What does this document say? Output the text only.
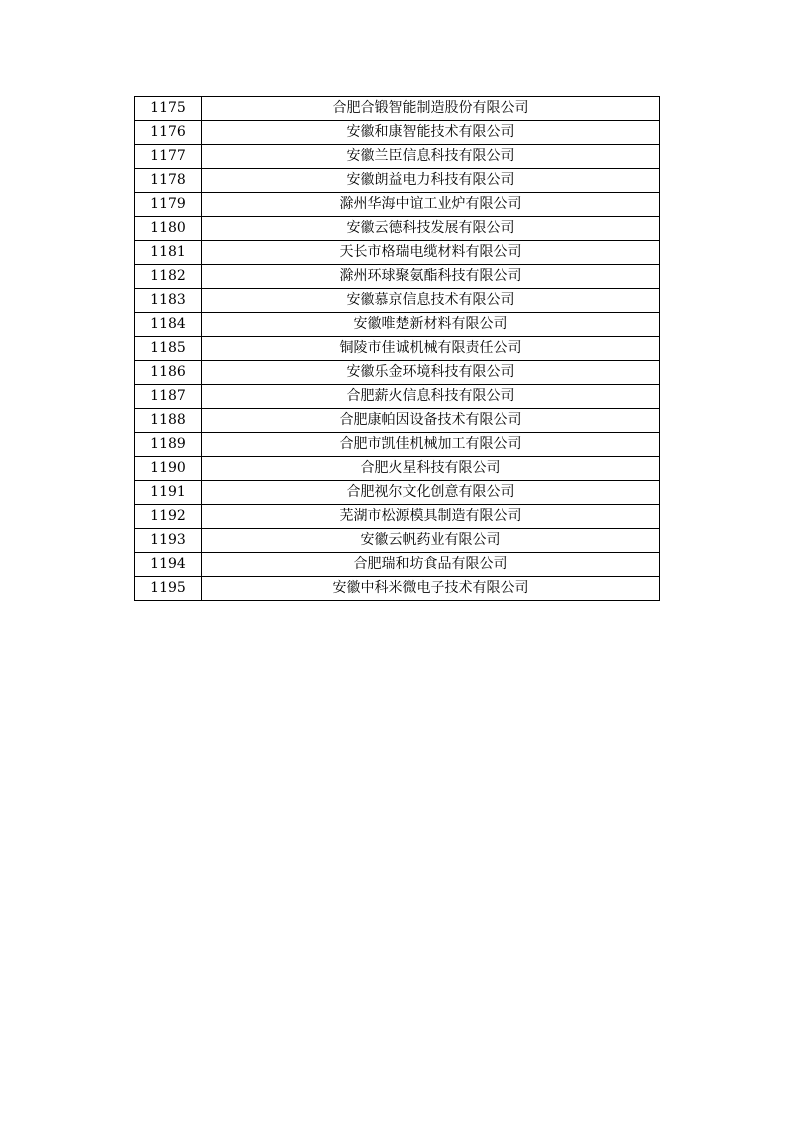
1175	合肥合锻智能制造股份有限公司
1176	安徽和康智能技术有限公司
1177	安徽兰臣信息科技有限公司
1178	安徽朗益电力科技有限公司
1179	滁州华海中谊工业炉有限公司
1180	安徽云德科技发展有限公司
1181	天长市格瑞电缆材料有限公司
1182	滁州环球聚氨酯科技有限公司
1183	安徽慕京信息技术有限公司
1184	安徽唯楚新材料有限公司
1185	铜陵市佳诚机械有限责任公司
1186	安徽乐金环境科技有限公司
1187	合肥薪火信息科技有限公司
1188	合肥康帕因设备技术有限公司
1189	合肥市凯佳机械加工有限公司
1190	合肥火星科技有限公司
1191	合肥视尔文化创意有限公司
1192	芜湖市松源模具制造有限公司
1193	安徽云帆药业有限公司
1194	合肥瑞和坊食品有限公司
1195	安徽中科米微电子技术有限公司
